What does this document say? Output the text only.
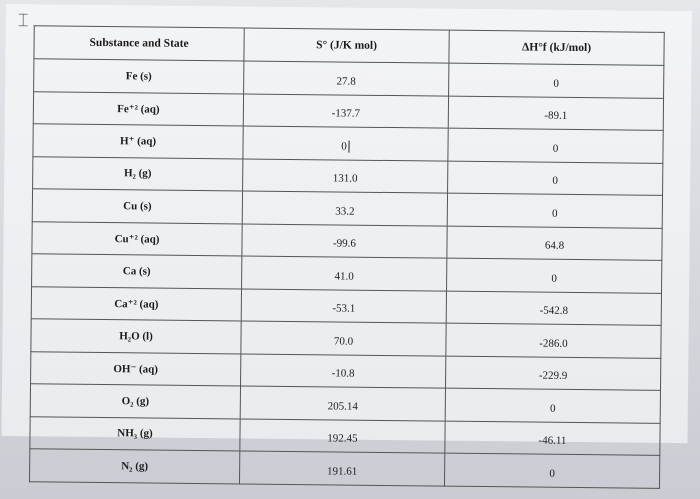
⌶
Substance and State	S° (J/K mol)	ΔH°f (kJ/mol)
Fe (s)	27.8	0
Fe⁺² (aq)	-137.7	-89.1
H⁺ (aq)	0	0
H₂ (g)	131.0	0
Cu (s)	33.2	0
Cu⁺² (aq)	-99.6	64.8
Ca (s)	41.0	0
Ca⁺² (aq)	-53.1	-542.8
H₂O (l)	70.0	-286.0
OH⁻ (aq)	-10.8	-229.9
O₂ (g)	205.14	0
NH₃ (g)	192.45	-46.11
N₂ (g)	191.61	0
